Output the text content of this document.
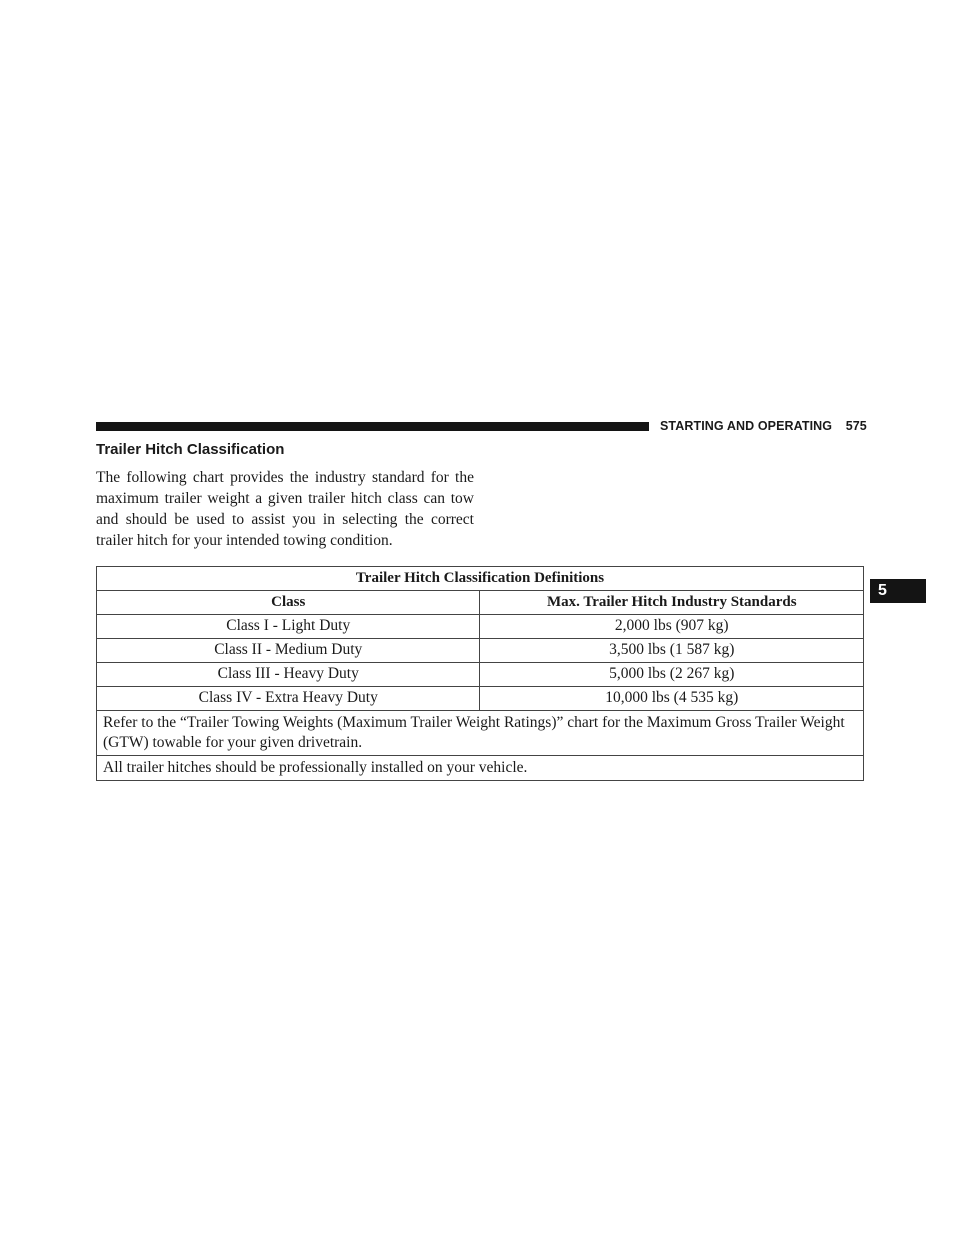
STARTING AND OPERATING 575
Trailer Hitch Classification

The following chart provides the industry standard for the maximum trailer weight a given trailer hitch class can tow and should be used to assist you in selecting the correct trailer hitch for your intended towing condition.

5
Trailer Hitch Classification Definitions	
Class	Max. Trailer Hitch Industry Standards
Class I - Light Duty	2,000 lbs (907 kg)
Class II - Medium Duty	3,500 lbs (1 587 kg)
Class III - Heavy Duty	5,000 lbs (2 267 kg)
Class IV - Extra Heavy Duty	10,000 lbs (4 535 kg)
Refer to the “Trailer Towing Weights (Maximum Trailer Weight Ratings)” chart for the Maximum Gross Trailer Weight (GTW) towable for your given drivetrain.	
All trailer hitches should be professionally installed on your vehicle.	
